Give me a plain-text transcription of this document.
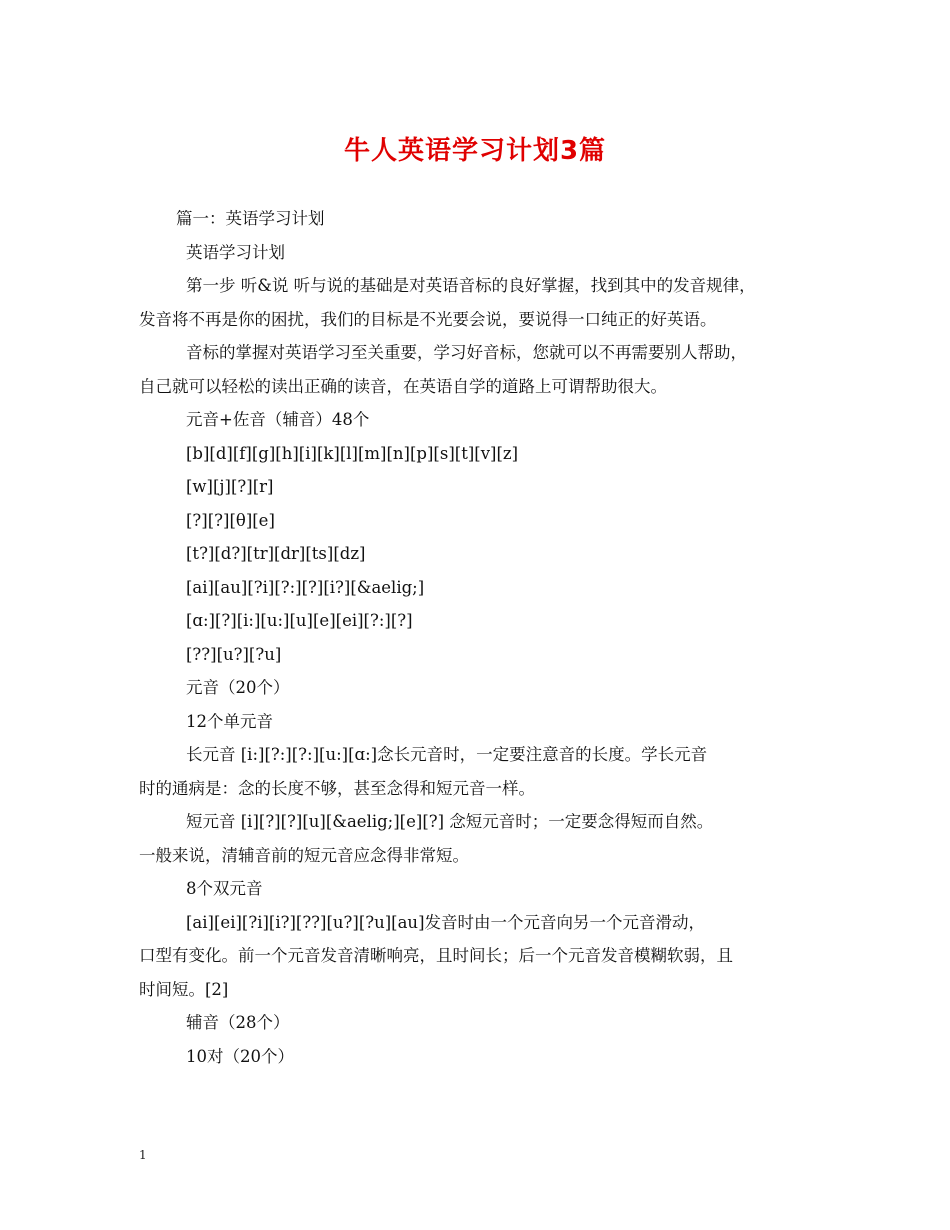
牛人英语学习计划3篇

篇一：英语学习计划

英语学习计划

第一步 听&说 听与说的基础是对英语音标的良好掌握，找到其中的发音规律，

发音将不再是你的困扰，我们的目标是不光要会说，要说得一口纯正的好英语。

音标的掌握对英语学习至关重要，学习好音标，您就可以不再需要别人帮助，

自己就可以轻松的读出正确的读音，在英语自学的道路上可谓帮助很大。

元音+佐音（辅音）48个

[b][d][f][g][h][i][k][l][m][n][p][s][t][v][z]

[w][j][?][r]

[?][?][θ][e]

[t?][d?][tr][dr][ts][dz]

[ai][au][?i][?:][?][i?][&aelig;]

[ɑ:][?][i:][u:][u][e][ei][?:][?]

[??][u?][?u]

元音（20个）

12个单元音

长元音 [i:][?:][?:][u:][ɑ:]念长元音时，一定要注意音的长度。学长元音

时的通病是：念的长度不够，甚至念得和短元音一样。

短元音 [i][?][?][u][&aelig;][e][?] 念短元音时；一定要念得短而自然。

一般来说，清辅音前的短元音应念得非常短。

8个双元音

[ai][ei][?i][i?][??][u?][?u][au]发音时由一个元音向另一个元音滑动，

口型有变化。前一个元音发音清晰响亮，且时间长；后一个元音发音模糊软弱，且

时间短。[2]

辅音（28个）

10对（20个）

1
